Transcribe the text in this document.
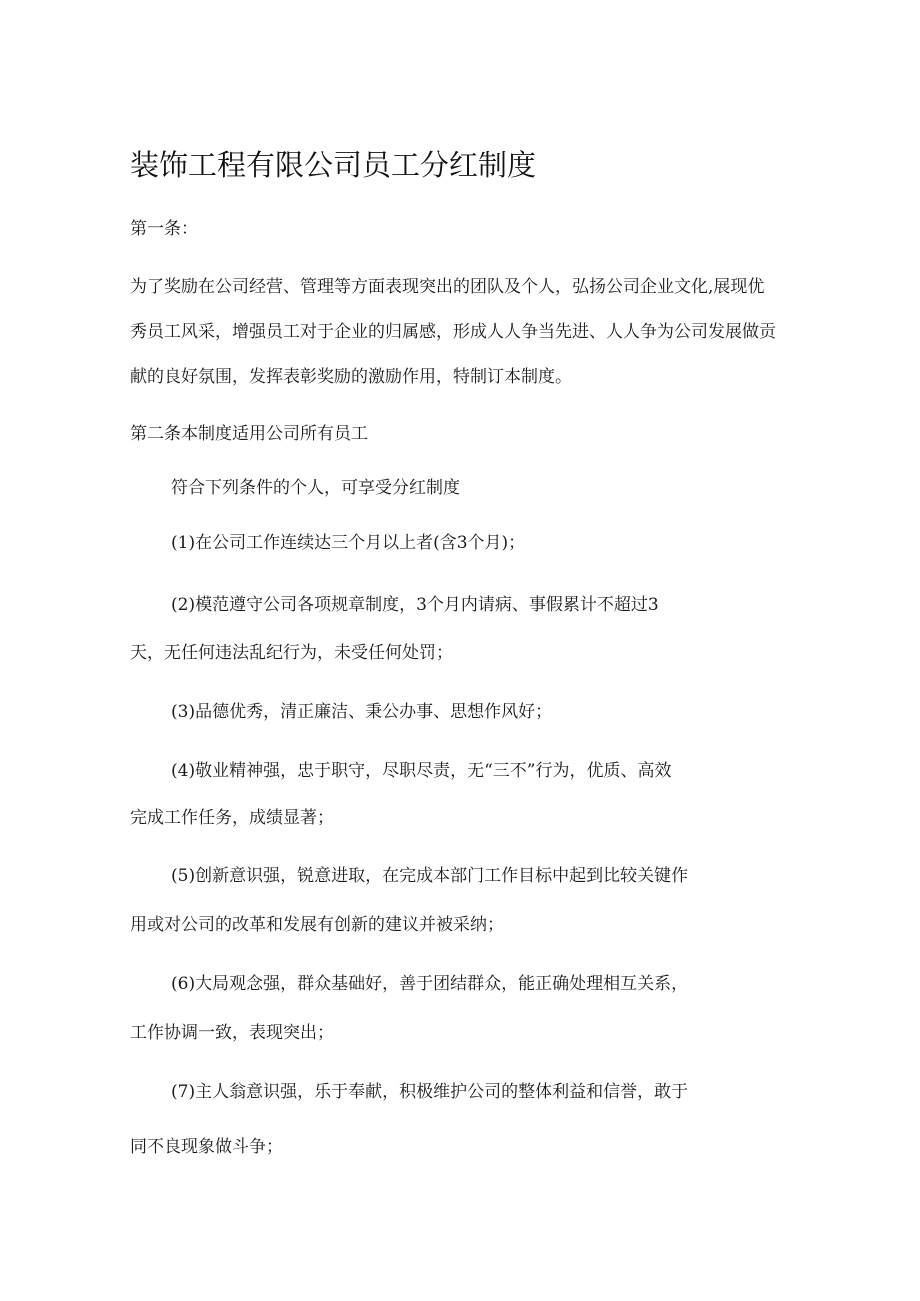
装饰工程有限公司员工分红制度

第一条：

为了奖励在公司经营、管理等方面表现突出的团队及个人，弘扬公司企业文化,展现优

秀员工风采，增强员工对于企业的归属感，形成人人争当先进、人人争为公司发展做贡

献的良好氛围，发挥表彰奖励的激励作用，特制订本制度。

第二条本制度适用公司所有员工

符合下列条件的个人，可享受分红制度

(1)在公司工作连续达三个月以上者(含3个月)；

(2)模范遵守公司各项规章制度，3个月内请病、事假累计不超过3

天，无任何违法乱纪行为，未受任何处罚；

(3)品德优秀，清正廉洁、秉公办事、思想作风好；

(4)敬业精神强，忠于职守，尽职尽责，无“三不”行为，优质、高效

完成工作任务，成绩显著；

(5)创新意识强，锐意进取，在完成本部门工作目标中起到比较关键作

用或对公司的改革和发展有创新的建议并被采纳；

(6)大局观念强，群众基础好，善于团结群众，能正确处理相互关系，

工作协调一致，表现突出；

(7)主人翁意识强，乐于奉献，积极维护公司的整体利益和信誉，敢于

同不良现象做斗争；
